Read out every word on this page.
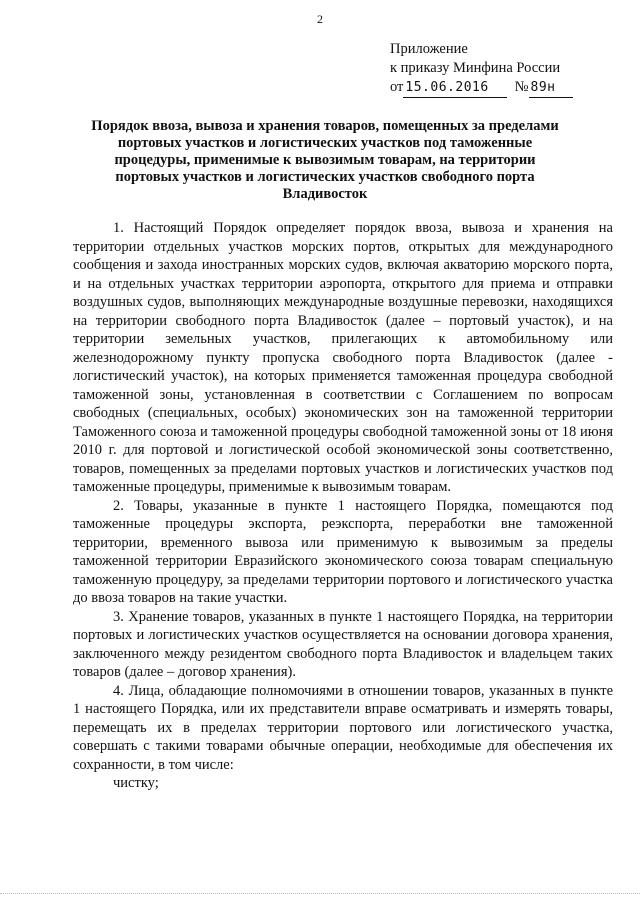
2
Приложение
к приказу Минфина России
от 15.06.2016 № 89н
Порядок ввоза, вывоза и хранения товаров, помещенных за пределами портовых участков и логистических участков под таможенные процедуры, применимые к вывозимым товарам, на территории портовых участков и логистических участков свободного порта Владивосток

1. Настоящий Порядок определяет порядок ввоза, вывоза и хранения на территории отдельных участков морских портов, открытых для международного сообщения и захода иностранных морских судов, включая акваторию морского порта, и на отдельных участках территории аэропорта, открытого для приема и отправки воздушных судов, выполняющих международные воздушные перевозки, находящихся на территории свободного порта Владивосток (далее – портовый участок), и на территории земельных участков, прилегающих к автомобильному или железнодорожному пункту пропуска свободного порта Владивосток (далее - логистический участок), на которых применяется таможенная процедура свободной таможенной зоны, установленная в соответствии с Соглашением по вопросам свободных (специальных, особых) экономических зон на таможенной территории Таможенного союза и таможенной процедуры свободной таможенной зоны от 18 июня 2010 г. для портовой и логистической особой экономической зоны соответственно, товаров, помещенных за пределами портовых участков и логистических участков под таможенные процедуры, применимые к вывозимым товарам.

2. Товары, указанные в пункте 1 настоящего Порядка, помещаются под таможенные процедуры экспорта, реэкспорта, переработки вне таможенной территории, временного вывоза или применимую к вывозимым за пределы таможенной территории Евразийского экономического союза товарам специальную таможенную процедуру, за пределами территории портового и логистического участка до ввоза товаров на такие участки.

3. Хранение товаров, указанных в пункте 1 настоящего Порядка, на территории портовых и логистических участков осуществляется на основании договора хранения, заключенного между резидентом свободного порта Владивосток и владельцем таких товаров (далее – договор хранения).

4. Лица, обладающие полномочиями в отношении товаров, указанных в пункте 1 настоящего Порядка, или их представители вправе осматривать и измерять товары, перемещать их в пределах территории портового или логистического участка, совершать с такими товарами обычные операции, необходимые для обеспечения их сохранности, в том числе:

чистку;
